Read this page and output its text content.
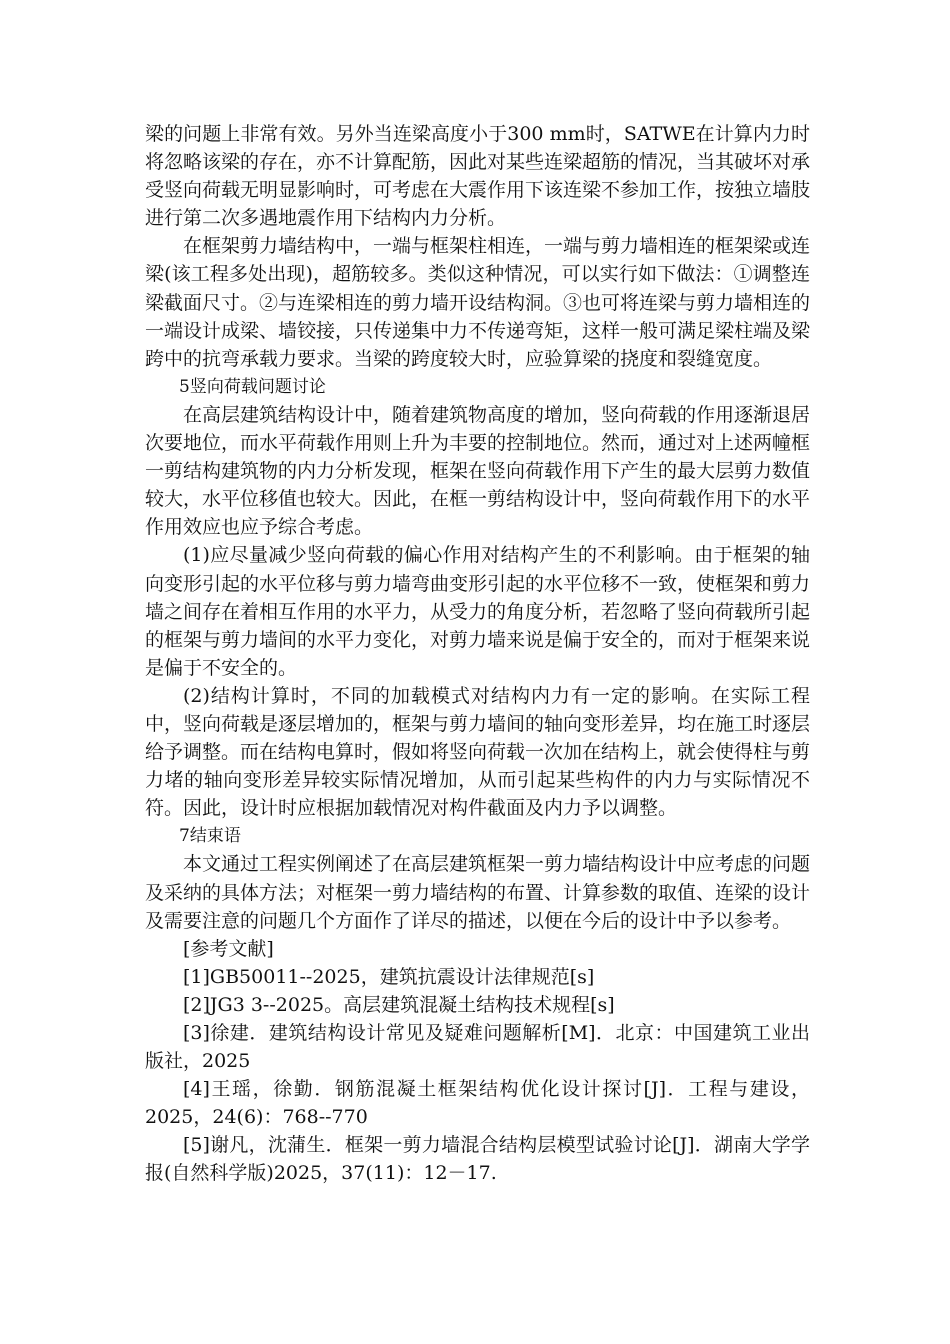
梁的问题上非常有效。另外当连梁高度小于300 mm时，SATWE在计算内力时将忽略该梁的存在，亦不计算配筋，因此对某些连梁超筋的情况，当其破坏对承受竖向荷载无明显影响时，可考虑在大震作用下该连梁不参加工作，按独立墙肢进行第二次多遇地震作用下结构内力分析。

在框架剪力墙结构中，一端与框架柱相连，一端与剪力墙相连的框架梁或连梁(该工程多处出现)，超筋较多。类似这种情况，可以实行如下做法：①调整连梁截面尺寸。②与连梁相连的剪力墙开设结构洞。③也可将连梁与剪力墙相连的一端设计成梁、墙铰接，只传递集中力不传递弯矩，这样一般可满足梁柱端及梁跨中的抗弯承载力要求。当梁的跨度较大时，应验算梁的挠度和裂缝宽度。

5竖向荷载问题讨论

在高层建筑结构设计中，随着建筑物高度的增加，竖向荷载的作用逐渐退居次要地位，而水平荷载作用则上升为丰要的控制地位。然而，通过对上述两幢框一剪结构建筑物的内力分析发现，框架在竖向荷载作用下产生的最大层剪力数值较大，水平位移值也较大。因此，在框一剪结构设计中，竖向荷载作用下的水平作用效应也应予综合考虑。

(1)应尽量减少竖向荷载的偏心作用对结构产生的不利影响。由于框架的轴向变形引起的水平位移与剪力墙弯曲变形引起的水平位移不一致，使框架和剪力墙之间存在着相互作用的水平力，从受力的角度分析，若忽略了竖向荷载所引起的框架与剪力墙间的水平力变化，对剪力墙来说是偏于安全的，而对于框架来说是偏于不安全的。

(2)结构计算时，不同的加载模式对结构内力有一定的影响。在实际工程中，竖向荷载是逐层增加的，框架与剪力墙间的轴向变形差异，均在施工时逐层给予调整。而在结构电算时，假如将竖向荷载一次加在结构上，就会使得柱与剪力堵的轴向变形差异较实际情况增加，从而引起某些构件的内力与实际情况不符。因此，设计时应根据加载情况对构件截面及内力予以调整。

7结束语

本文通过工程实例阐述了在高层建筑框架一剪力墙结构设计中应考虑的问题及采纳的具体方法；对框架一剪力墙结构的布置、计算参数的取值、连梁的设计及需要注意的问题几个方面作了详尽的描述，以便在今后的设计中予以参考。

[参考文献]

[1]GB50011--2025，建筑抗震设计法律规范[s]

[2]JG3 3--2025。高层建筑混凝土结构技术规程[s]

[3]徐建．建筑结构设计常见及疑难问题解析[M]．北京：中国建筑工业出版社，2025

[4]王瑶，徐勤．钢筋混凝土框架结构优化设计探讨[J]．工程与建设，2025，24(6)：768--770

[5]谢凡，沈蒲生．框架一剪力墙混合结构层模型试验讨论[J]．湖南大学学报(自然科学版)2025，37(11)：12－17.
